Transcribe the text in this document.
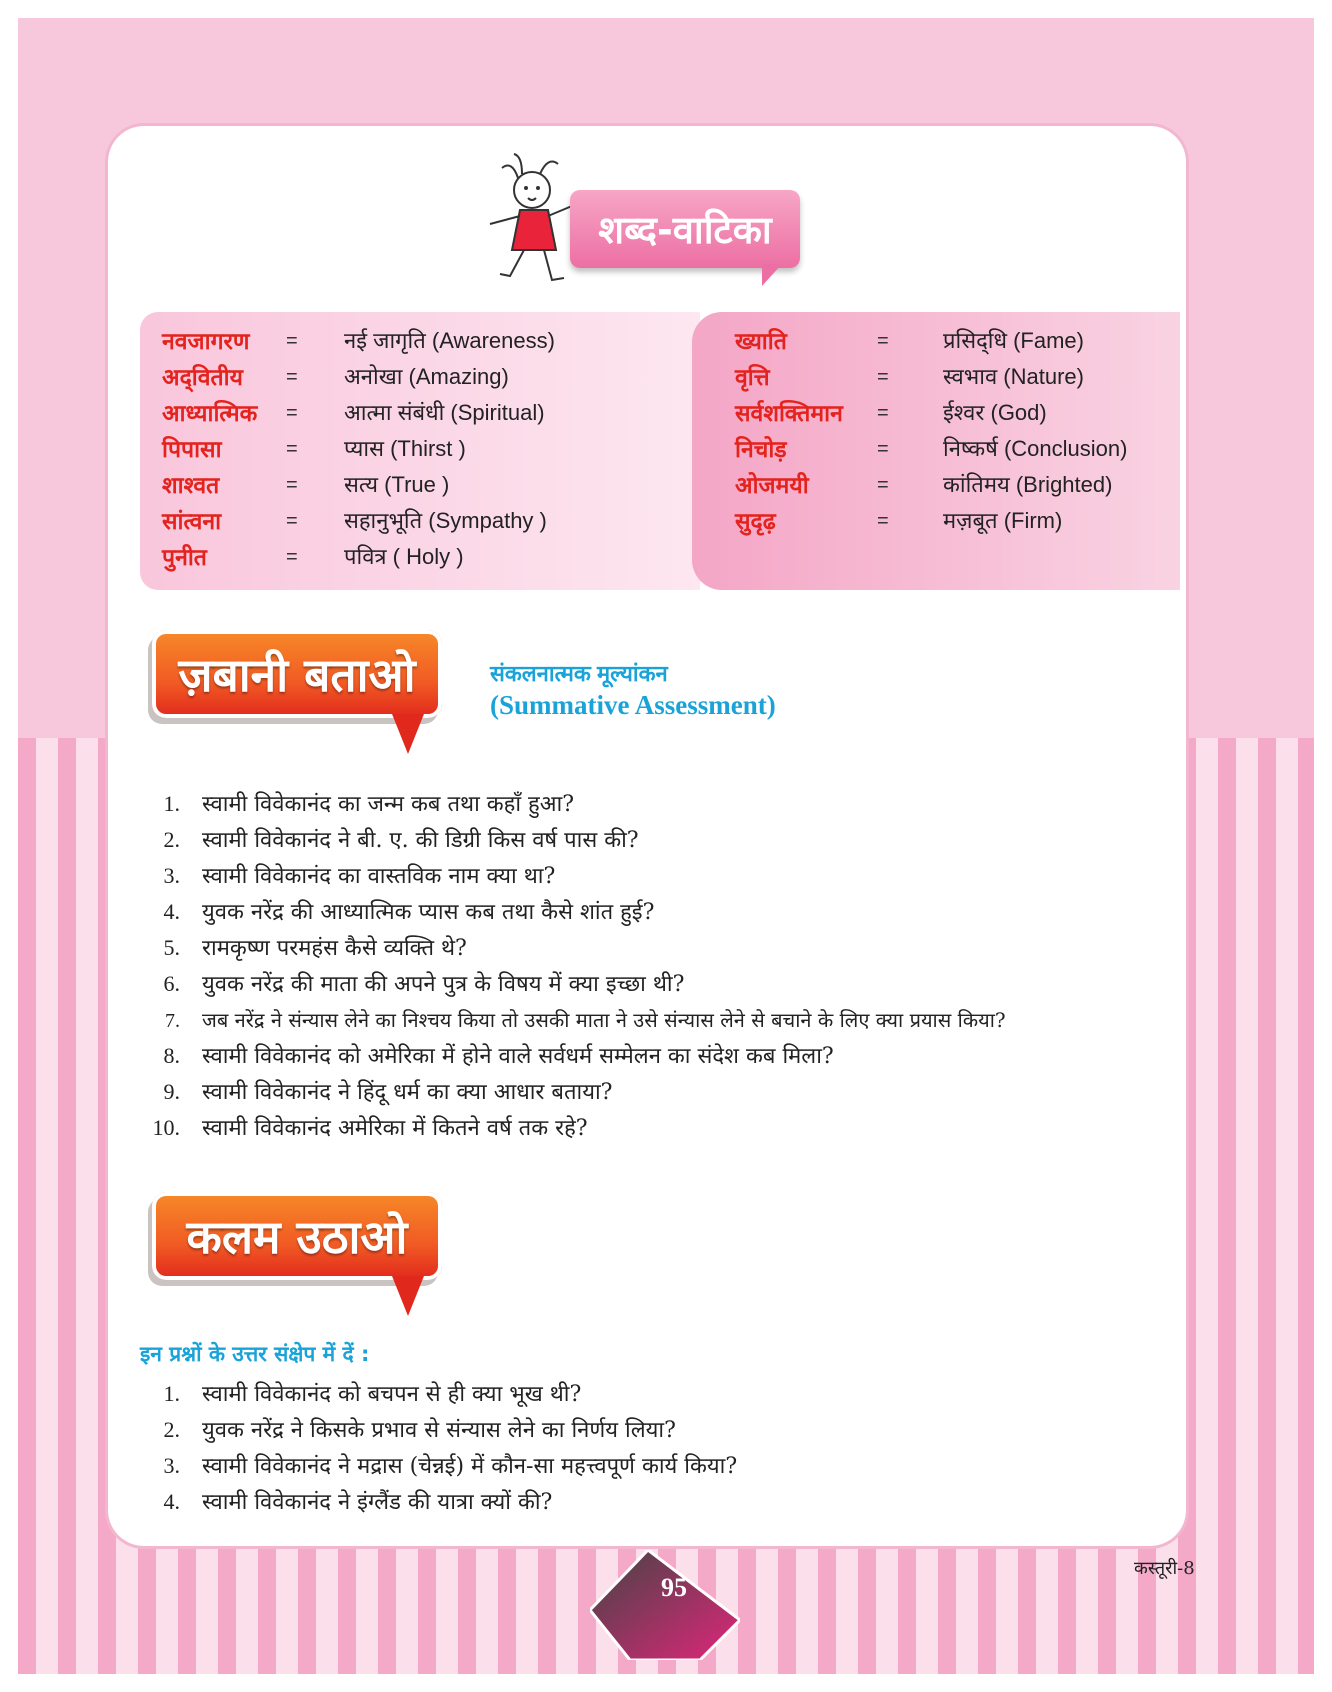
शब्द-वाटिका
नवजागरण = नई जागृति (Awareness)
अद्‌वितीय = अनोखा (Amazing)
आध्यात्मिक = आत्मा संबंधी (Spiritual)
पिपासा	= प्यास (Thirst )
शाश्वत	= सत्य (True )
सांत्वना	= सहानुभूति (Sympathy )
पुनीत	= पवित्र ( Holy )
ख्याति	= प्रसिद्‌धि (Fame)
वृत्ति	= स्वभाव (Nature)
सर्वशक्तिमान = ईश्वर (God)
निचोड़	= निष्कर्ष (Conclusion)
ओजमयी	= कांतिमय (Brighted)
सुदृढ़	= मज़बूत (Firm)
ज़बानी बताओ	संकलनात्मक मूल्यांकन
(Summative Assessment)
1. स्वामी विवेकानंद का जन्म कब तथा कहाँ हुआ?
2. स्वामी विवेकानंद ने बी. ए. की डिग्री किस वर्ष पास की?
3. स्वामी विवेकानंद का वास्तविक नाम क्या था?
4. युवक नरेंद्र की आध्यात्मिक प्यास कब तथा कैसे शांत हुई?
5. रामकृष्ण परमहंस कैसे व्यक्ति थे?
6. युवक नरेंद्र की माता की अपने पुत्र के विषय में क्या इच्छा थी?
7. जब नरेंद्र ने संन्यास लेने का निश्चय किया तो उसकी माता ने उसे संन्यास लेने से बचाने के लिए क्या प्रयास किया?
8. स्वामी विवेकानंद को अमेरिका में होने वाले सर्वधर्म सम्मेलन का संदेश कब मिला?
9. स्वामी विवेकानंद ने हिंदू धर्म का क्या आधार बताया?
10. स्वामी विवेकानंद अमेरिका में कितने वर्ष तक रहे?
कलम उठाओ
इन प्रश्नों के उत्तर संक्षेप में दें :
1. स्वामी विवेकानंद को बचपन से ही क्या भूख थी?
2. युवक नरेंद्र ने किसके प्रभाव से संन्यास लेने का निर्णय लिया?
3. स्वामी विवेकानंद ने मद्रास (चेन्नई) में कौन-सा महत्त्वपूर्ण कार्य किया?
4. स्वामी विवेकानंद ने इंग्लैंड की यात्रा क्यों की?
95
कस्तूरी-8
